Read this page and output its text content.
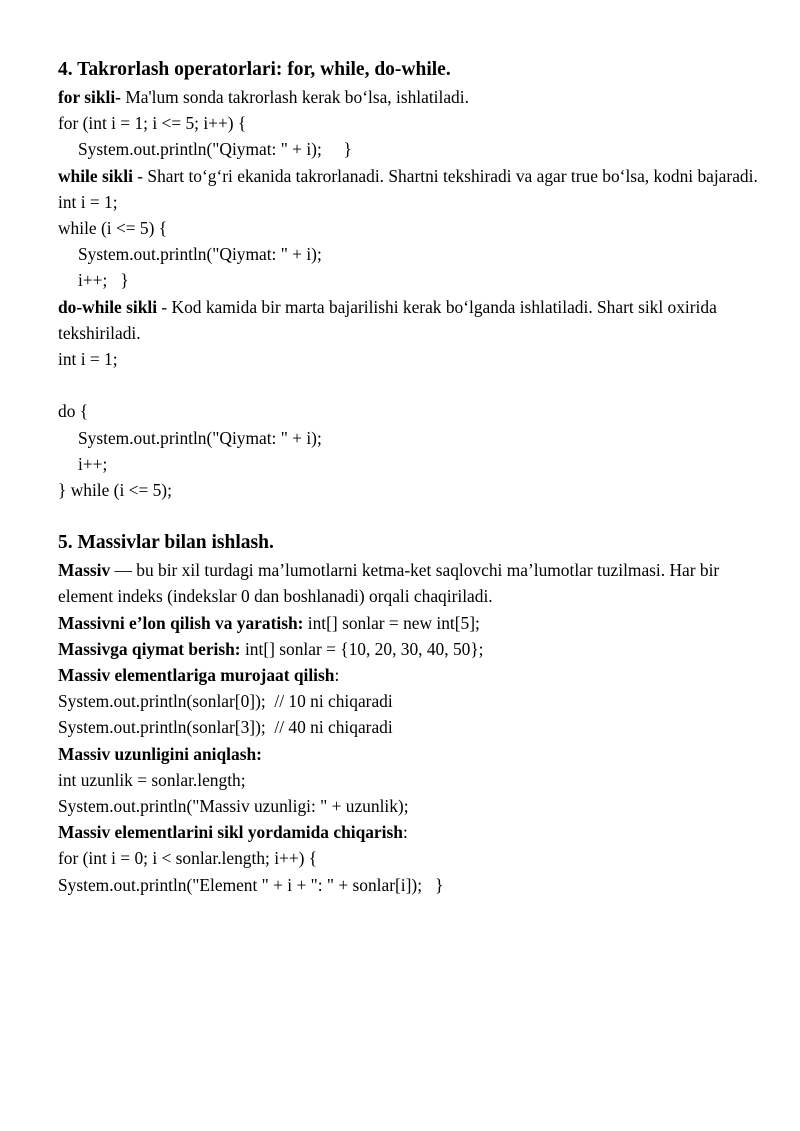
4. Takrorlash operatorlari: for, while, do-while.
for sikli- Ma'lum sonda takrorlash kerak boʻlsa, ishlatiladi.
for (int i = 1; i <= 5; i++) {
System.out.println("Qiymat: " + i);     }
while sikli - Shart toʻgʻri ekanida takrorlanadi. Shartni tekshiradi va agar true boʻlsa, kodni bajaradi.
int i = 1;
while (i <= 5) {
System.out.println("Qiymat: " + i);
i++;   }
do-while sikli - Kod kamida bir marta bajarilishi kerak boʻlganda ishlatiladi. Shart sikl oxirida tekshiriladi.
int i = 1;
do {
System.out.println("Qiymat: " + i);
i++;
} while (i <= 5);
5. Massivlar bilan ishlash.
Massiv — bu bir xil turdagi ma’lumotlarni ketma-ket saqlovchi ma’lumotlar tuzilmasi. Har bir element indeks (indekslar 0 dan boshlanadi) orqali chaqiriladi.
Massivni e’lon qilish va yaratish: int[] sonlar = new int[5];
Massivga qiymat berish: int[] sonlar = {10, 20, 30, 40, 50};
Massiv elementlariga murojaat qilish:
System.out.println(sonlar[0]);  // 10 ni chiqaradi
System.out.println(sonlar[3]);  // 40 ni chiqaradi
Massiv uzunligini aniqlash:
int uzunlik = sonlar.length;
System.out.println("Massiv uzunligi: " + uzunlik);
Massiv elementlarini sikl yordamida chiqarish:
for (int i = 0; i < sonlar.length; i++) {
System.out.println("Element " + i + ": " + sonlar[i]);   }
